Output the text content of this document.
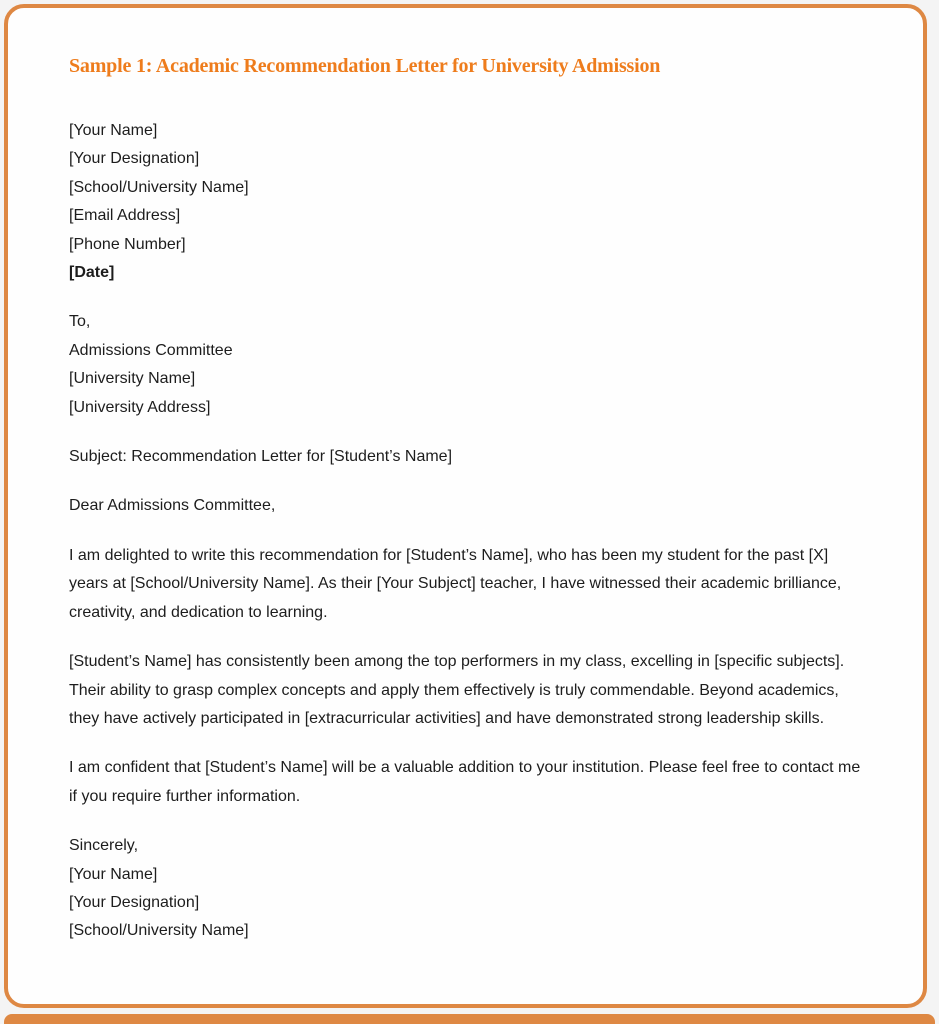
Sample 1: Academic Recommendation Letter for University Admission
[Your Name]
[Your Designation]
[School/University Name]
[Email Address]
[Phone Number]
[Date]
To,
Admissions Committee
[University Name]
[University Address]
Subject: Recommendation Letter for [Student’s Name]
Dear Admissions Committee,
I am delighted to write this recommendation for [Student’s Name], who has been my student for the past [X] years at [School/University Name]. As their [Your Subject] teacher, I have witnessed their academic brilliance, creativity, and dedication to learning.
[Student’s Name] has consistently been among the top performers in my class, excelling in [specific subjects]. Their ability to grasp complex concepts and apply them effectively is truly commendable. Beyond academics, they have actively participated in [extracurricular activities] and have demonstrated strong leadership skills.
I am confident that [Student’s Name] will be a valuable addition to your institution. Please feel free to contact me if you require further information.
Sincerely,
[Your Name]
[Your Designation]
[School/University Name]
